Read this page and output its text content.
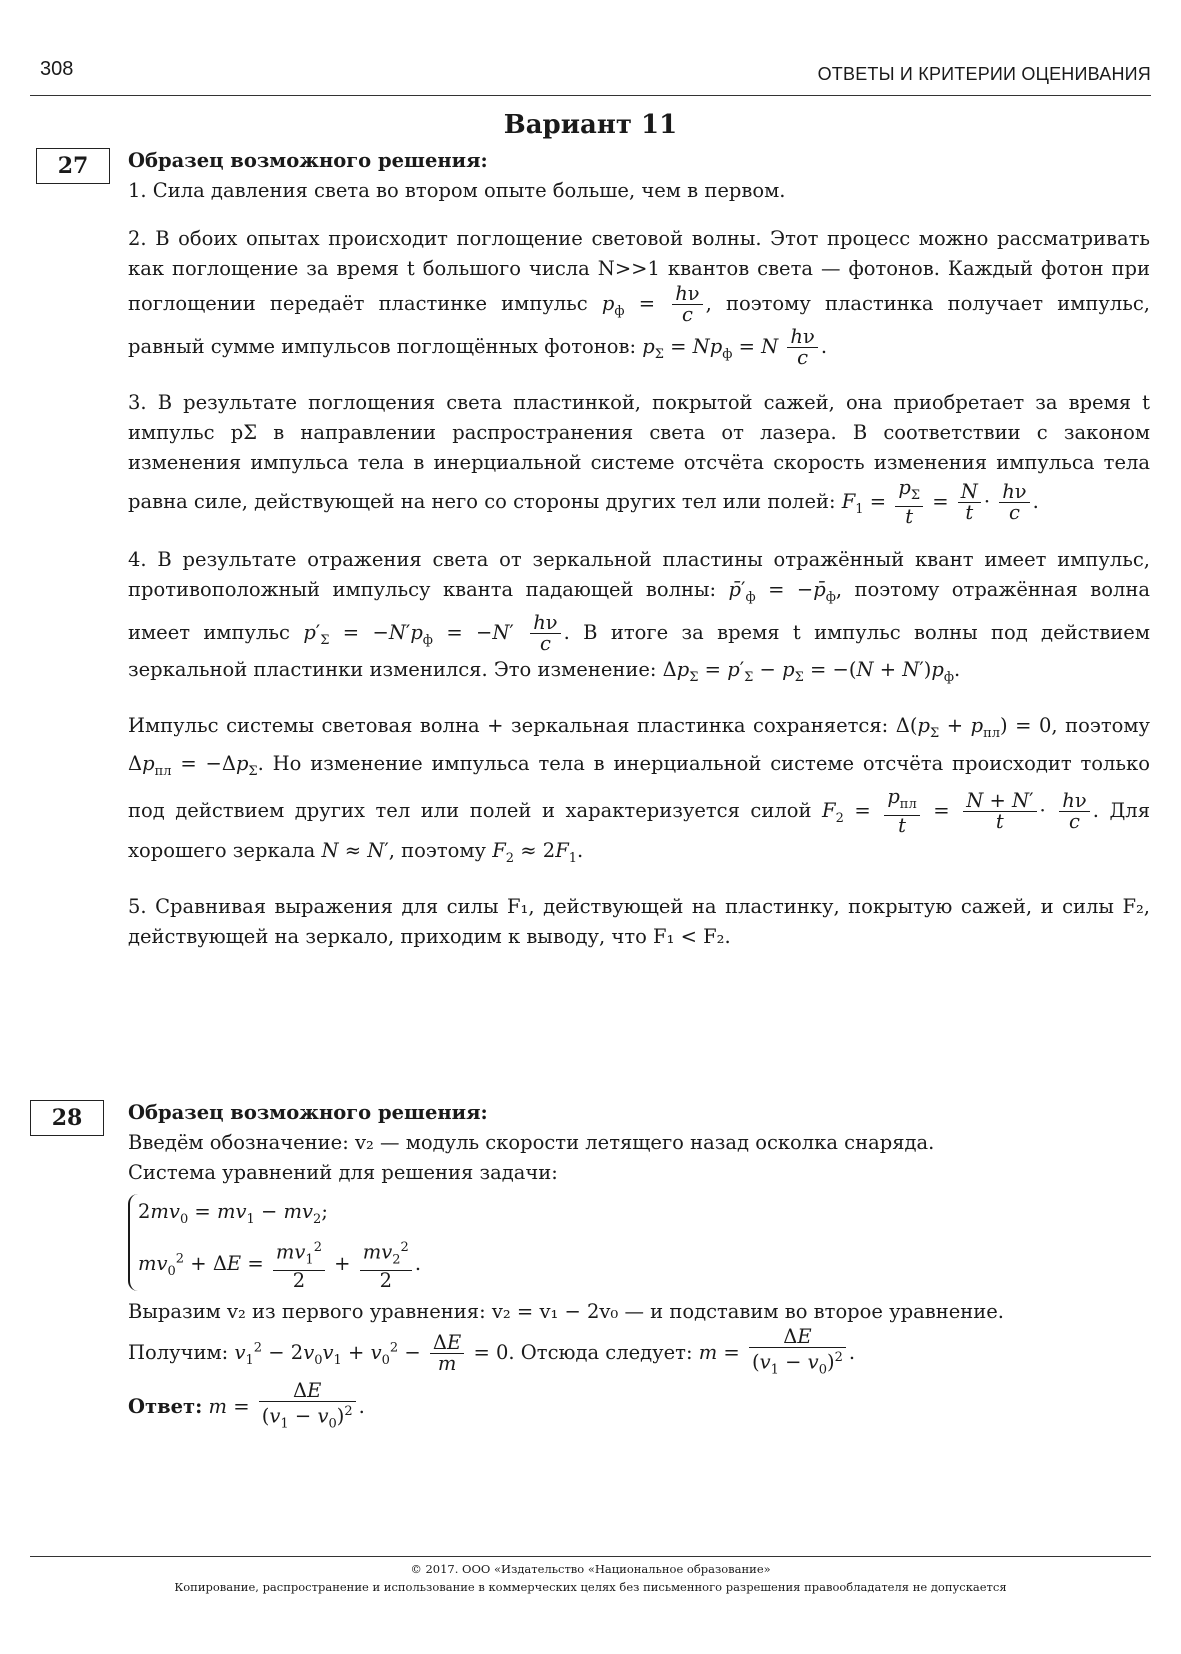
308	ОТВЕТЫ И КРИТЕРИИ ОЦЕНИВАНИЯ
Вариант 11
27	Образец возможного решения:

1. Сила давления света во втором опыте больше, чем в первом.

2. В обоих опытах происходит поглощение световой волны. Этот процесс можно рассматривать как поглощение за время t большого числа N>>1 квантов света — фотонов. Каждый фотон при поглощении передаёт пластинке импульс $p_ф = \frac{h\nu}{c}$ , поэтому пластинка получает импульс, равный сумме импульсов поглощённых фотонов: $p_\Sigma = Np_ф = N \frac{h\nu}{c}$ .

3. В результате поглощения света пластинкой, покрытой сажей, она приобретает за время t импульс pΣ в направлении распространения света от лазера. В соответствии с законом изменения импульса тела в инерциальной системе отсчёта скорость изменения импульса тела равна силе, действующей на него со стороны других тел или полей: $F_1 = \frac{p_\Sigma}{t} = \frac{N}{t} \cdot \frac{h\nu}{c}$ .

4. В результате отражения света от зеркальной пластины отражённый квант имеет импульс, противоположный импульсу кванта падающей волны: $p̄'_ф$ = $-p̄_ф$, поэтому отражённая волна имеет импульс $p'_\Sigma = -N'p_ф = -N' \frac{h\nu}{c}$ . В итоге за время t импульс волны под действием зеркальной пластинки изменился. Это изменение: $\Delta p_\Sigma = p'_\Sigma - p_\Sigma = -(N + N')p_ф$.

Импульс системы световая волна + зеркальная пластинка сохраняется: $\Delta(p_\Sigma + p_{пл}) = 0$, поэтому $\Delta p_{пл} = -\Delta p_\Sigma$. Но изменение импульса тела в инерциальной системе отсчёта происходит только под действием других тел или полей и характеризуется силой $F_2 = \frac{p_{пл}}{t} = \frac{N + N'}{t} \cdot \frac{h\nu}{c}$ . Для хорошего зеркала N ≈ N′, поэтому $F_2 \approx 2F_1$.

5. Сравнивая выражения для силы F₁, действующей на пластинку, покрытую сажей, и силы F₂, действующей на зеркало, приходим к выводу, что F₁ < F₂.

28	Образец возможного решения:

Введём обозначение: v₂ — модуль скорости летящего назад осколка снаряда.

Система уравнений для решения задачи:

$2mv_0 = mv_1 - mv_2$;
$mv_0^2 + \Delta E = \frac{mv_1^2}{2} + \frac{mv_2^2}{2}$ .

Выразим v₂ из первого уравнения: v₂ = v₁ − 2v₀ — и подставим во второе уравнение.

Получим: $v_1^2 - 2v_0v_1 + v_0^2 - \frac{\Delta E}{m} = 0$. Отсюда следует: $m = \frac{\Delta E}{(v_1 - v_0)^2}$ .

Ответ: $m = \frac{\Delta E}{(v_1 - v_0)^2}$ .

© 2017. ООО «Издательство «Национальное образование»
Копирование, распространение и использование в коммерческих целях без письменного разрешения правообладателя не допускается
